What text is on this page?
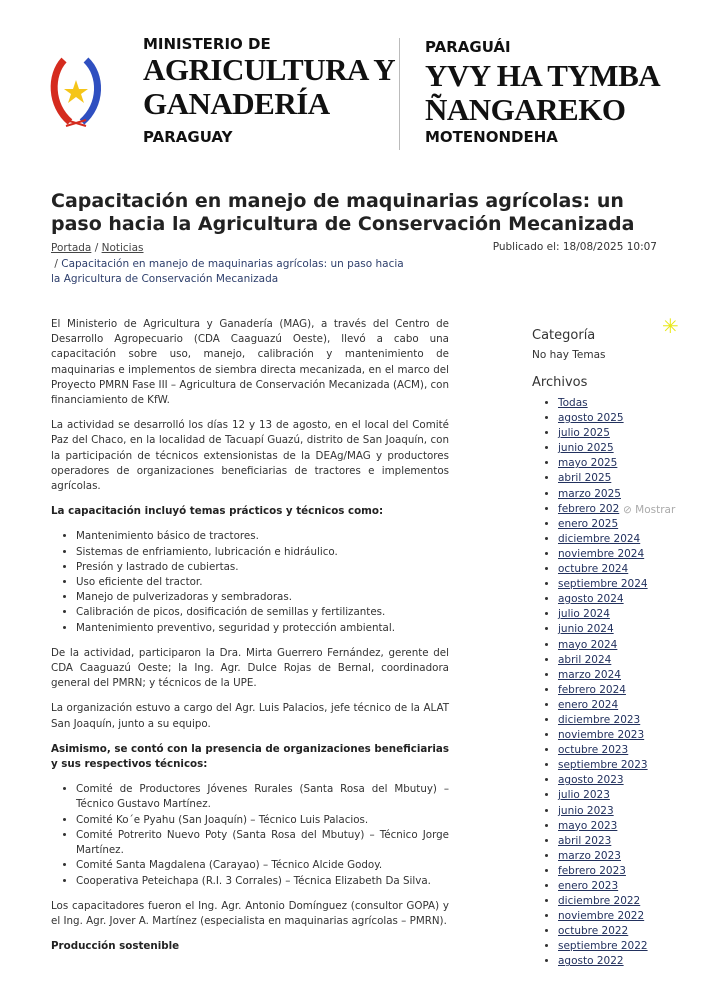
MINISTERIO DE
AGRICULTURA Y
GANADERÍA
PARAGUAY
PARAGUÁI
YVY HA TYMBA
ÑANGAREKO
MOTENONDEHA
Capacitación en manejo de maquinarias agrícolas: un paso hacia la Agricultura de Conservación Mecanizada
Portada / Noticias
/ Capacitación en manejo de maquinarias agrícolas: un paso hacia la Agricultura de Conservación Mecanizada
Publicado el: 18/08/2025 10:07

El Ministerio de Agricultura y Ganadería (MAG), a través del Centro de Desarrollo Agropecuario (CDA Caaguazú Oeste), llevó a cabo una capacitación sobre uso, manejo, calibración y mantenimiento de maquinarias e implementos de siembra directa mecanizada, en el marco del Proyecto PMRN Fase III – Agricultura de Conservación Mecanizada (ACM), con financiamiento de KfW.

La actividad se desarrolló los días 12 y 13 de agosto, en el local del Comité Paz del Chaco, en la localidad de Tacuapí Guazú, distrito de San Joaquín, con la participación de técnicos extensionistas de la DEAg/MAG y productores operadores de organizaciones beneficiarias de tractores e implementos agrícolas.

La capacitación incluyó temas prácticos y técnicos como:

• Mantenimiento básico de tractores.
• Sistemas de enfriamiento, lubricación e hidráulico.
• Presión y lastrado de cubiertas.
• Uso eficiente del tractor.
• Manejo de pulverizadoras y sembradoras.
• Calibración de picos, dosificación de semillas y fertilizantes.
• Mantenimiento preventivo, seguridad y protección ambiental.

De la actividad, participaron la Dra. Mirta Guerrero Fernández, gerente del CDA Caaguazú Oeste; la Ing. Agr. Dulce Rojas de Bernal, coordinadora general del PMRN; y técnicos de la UPE.

La organización estuvo a cargo del Agr. Luis Palacios, jefe técnico de la ALAT San Joaquín, junto a su equipo.

Asimismo, se contó con la presencia de organizaciones beneficiarias y sus respectivos técnicos:

• Comité de Productores Jóvenes Rurales (Santa Rosa del Mbutuy) – Técnico Gustavo Martínez.
• Comité Ko´e Pyahu (San Joaquín) – Técnico Luis Palacios.
• Comité Potrerito Nuevo Poty (Santa Rosa del Mbutuy) – Técnico Jorge Martínez.
• Comité Santa Magdalena (Carayao) – Técnico Alcide Godoy.
• Cooperativa Peteichapa (R.I. 3 Corrales) – Técnica Elizabeth Da Silva.

Los capacitadores fueron el Ing. Agr. Antonio Domínguez (consultor GOPA) y el Ing. Agr. Jover A. Martínez (especialista en maquinarias agrícolas – PMRN).

Producción sostenible

✳
Categoría
No hay Temas
Archivos
• Todas
• agosto 2025
• julio 2025
• junio 2025
• mayo 2025
• abril 2025
• marzo 2025
• febrero 202
• enero 2025
• diciembre 2024
• noviembre 2024
• octubre 2024
• septiembre 2024
• agosto 2024
• julio 2024
• junio 2024
• mayo 2024
• abril 2024
• marzo 2024
• febrero 2024
• enero 2024
• diciembre 2023
• noviembre 2023
• octubre 2023
• septiembre 2023
• agosto 2023
• julio 2023
• junio 2023
• mayo 2023
• abril 2023
• marzo 2023
• febrero 2023
• enero 2023
• diciembre 2022
• noviembre 2022
• octubre 2022
• septiembre 2022
• agosto 2022
⊘ Mostrar
